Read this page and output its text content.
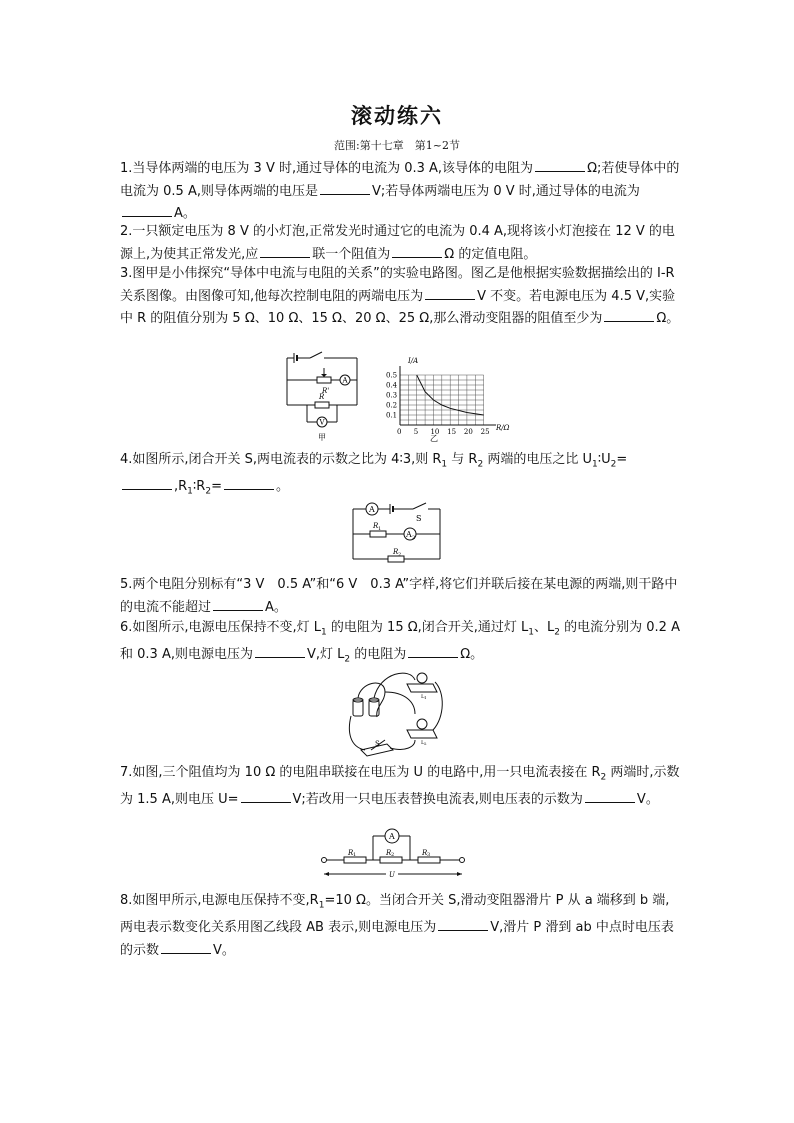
滚动练六
范围:第十七章　第1~2节

1.当导体两端的电压为 3 V 时,通过导体的电流为 0.3 A,该导体的电阻为	Ω;若使导体中的电流为 0.5 A,则导体两端的电压是	V;若导体两端电压为 0 V 时,通过导体的电流为A。

2.一只额定电压为 8 V 的小灯泡,正常发光时通过它的电流为 0.4 A,现将该小灯泡接在 12 V 的电源上,为使其正常发光,应	联一个阻值为	Ω 的定值电阻。

3.图甲是小伟探究“导体中电流与电阻的关系”的实验电路图。图乙是他根据实验数据描绘出的 I-R 关系图像。由图像可知,他每次控制电阻的两端电压为	V 不变。若电源电压为 4.5 V,实验中 R 的阻值分别为 5 Ω、10 Ω、15 Ω、20 Ω、25 Ω,那么滑动变阻器的阻值至少为	Ω。

R'
A
R
V
甲
0 5 10 15 20 25
0.1
0.2
0.3
0.4
0.5
I/A
R/Ω
乙

4.如图所示,闭合开关 S,两电流表的示数之比为 4∶3,则 $R_1$ 与 $R_2$ 两端的电压之比 $U_1∶U_2=,R_1∶R_2=$	。

A
A 2
S
R 1
R 2

5.两个电阻分别标有“3 V　0.5 A”和“6 V　0.3 A”字样,将它们并联后接在某电源的两端,则干路中的电流不能超过	A。

6.如图所示,电源电压保持不变,灯 $L_1$ 的电阻为 15 Ω,闭合开关,通过灯 $L_1$、$L_2$ 的电流分别为 0.2 A 和 0.3 A,则电源电压为	V,灯 $L_2$ 的电阻为	Ω。

S
L 1
L 2

7.如图,三个阻值均为 10 Ω 的电阻串联接在电压为 U 的电路中,用一只电流表接在 $R_2$ 两端时,示数为 1.5 A,则电压 U=	V;若改用一只电压表替换电流表,则电压表的示数为	V。

A
R 1	R 2	R 3
U

8.如图甲所示,电源电压保持不变$,R_1=10$ Ω。当闭合开关 S,滑动变阻器滑片 P 从 a 端移到 b 端,两电表示数变化关系用图乙线段 AB 表示,则电源电压为	V,滑片 P 滑到 ab 中点时电压表的示数	V。
